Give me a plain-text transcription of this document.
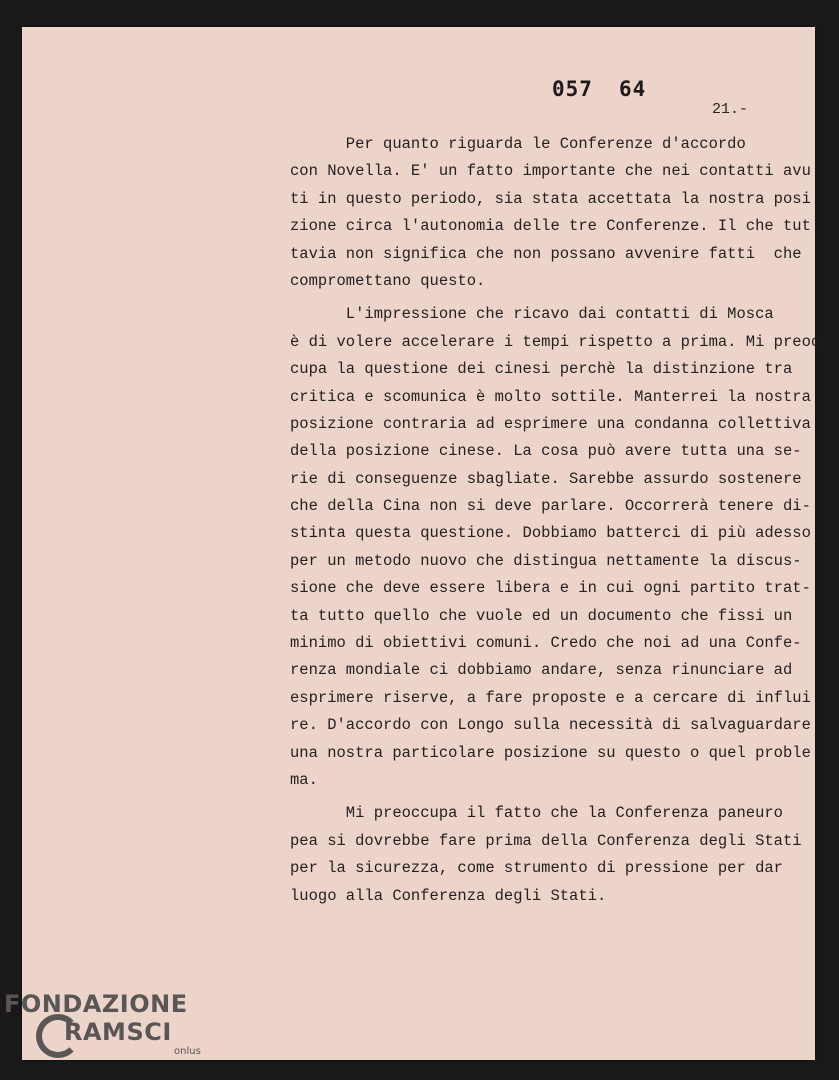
057 64
21.-
Per quanto riguarda le Conferenze d'accordo
con Novella. E' un fatto importante che nei contatti avu
ti in questo periodo, sia stata accettata la nostra posi
zione circa l'autonomia delle tre Conferenze. Il che tut
tavia non significa che non possano avvenire fatti  che
compromettano questo.
L'impressione che ricavo dai contatti di Mosca
è di volere accelerare i tempi rispetto a prima. Mi preoc
cupa la questione dei cinesi perchè la distinzione tra
critica e scomunica è molto sottile. Manterrei la nostra
posizione contraria ad esprimere una condanna collettiva
della posizione cinese. La cosa può avere tutta una se-
rie di conseguenze sbagliate. Sarebbe assurdo sostenere
che della Cina non si deve parlare. Occorrerà tenere di-
stinta questa questione. Dobbiamo batterci di più adesso
per un metodo nuovo che distingua nettamente la discus-
sione che deve essere libera e in cui ogni partito trat-
ta tutto quello che vuole ed un documento che fissi un
minimo di obiettivi comuni. Credo che noi ad una Confe-
renza mondiale ci dobbiamo andare, senza rinunciare ad
esprimere riserve, a fare proposte e a cercare di influi
re. D'accordo con Longo sulla necessità di salvaguardare
una nostra particolare posizione su questo o quel proble
ma.
Mi preoccupa il fatto che la Conferenza paneuro
pea si dovrebbe fare prima della Conferenza degli Stati
per la sicurezza, come strumento di pressione per dar
luogo alla Conferenza degli Stati.
FONDAZIONE
RAMSCI
onlus
